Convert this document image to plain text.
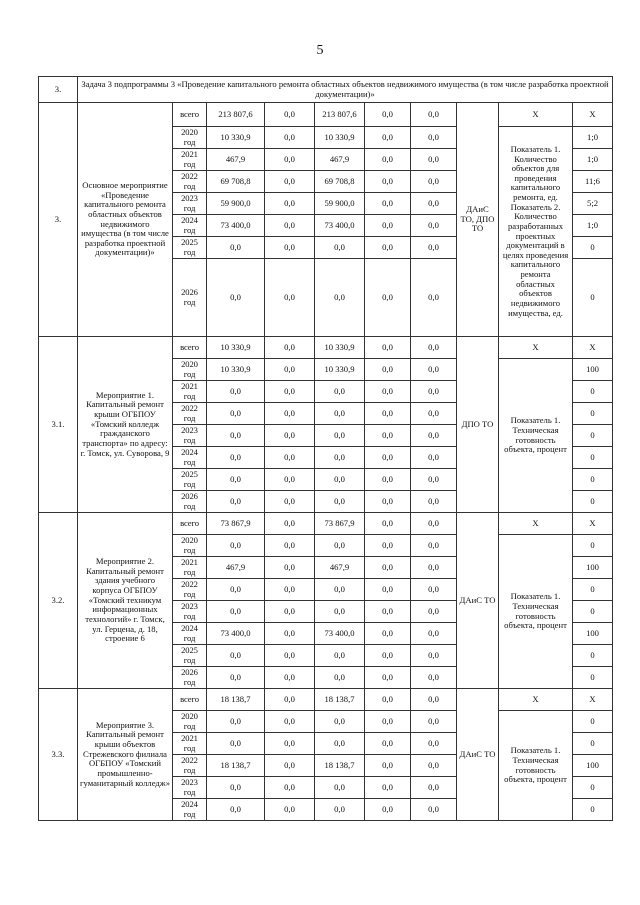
5
3.	Задача 3 подпрограммы 3 «Проведение капитального ремонта областных объектов недвижимого имущества (в том числе разработка проектной документации)»									
3.	Основное мероприятие «Проведение капитального ремонта областных объектов недвижимого имущества (в том числе разработка проектной документации)»	всего	213 807,6	0,0	213 807,6	0,0	0,0	ДАиС ТО, ДПО ТО	Х	Х
		2020 год	10 330,9	0,0	10 330,9	0,0	0,0		Показатель 1. Количество объектов для проведения капитального ремонта, ед. Показатель 2. Количество разработанных проектных документаций в целях проведения капитального ремонта областных объектов недвижимого имущества, ед.	1;0
		2021 год	467,9	0,0	467,9	0,0	0,0			1;0
		2022 год	69 708,8	0,0	69 708,8	0,0	0,0			11;6
		2023 год	59 900,0	0,0	59 900,0	0,0	0,0			5;2
		2024 год	73 400,0	0,0	73 400,0	0,0	0,0			1;0
		2025 год	0,0	0,0	0,0	0,0	0,0			0
		2026 год	0,0	0,0	0,0	0,0	0,0			0
3.1.	Мероприятие 1. Капитальный ремонт крыши ОГБПОУ «Томский колледж гражданского транспорта» по адресу: г. Томск, ул. Суворова, 9	всего	10 330,9	0,0	10 330,9	0,0	0,0	ДПО ТО	Х	Х
		2020 год	10 330,9	0,0	10 330,9	0,0	0,0		Показатель 1. Техническая готовность объекта, процент	100
		2021 год	0,0	0,0	0,0	0,0	0,0			0
		2022 год	0,0	0,0	0,0	0,0	0,0			0
		2023 год	0,0	0,0	0,0	0,0	0,0			0
		2024 год	0,0	0,0	0,0	0,0	0,0			0
		2025 год	0,0	0,0	0,0	0,0	0,0			0
		2026 год	0,0	0,0	0,0	0,0	0,0			0
3.2.	Мероприятие 2. Капитальный ремонт здания учебного корпуса ОГБПОУ «Томский техникум информационных технологий» г. Томск, ул. Герцена, д. 18, строение 6	всего	73 867,9	0,0	73 867,9	0,0	0,0	ДАиС ТО	Х	Х
		2020 год	0,0	0,0	0,0	0,0	0,0		Показатель 1. Техническая готовность объекта, процент	0
		2021 год	467,9	0,0	467,9	0,0	0,0			100
		2022 год	0,0	0,0	0,0	0,0	0,0			0
		2023 год	0,0	0,0	0,0	0,0	0,0			0
		2024 год	73 400,0	0,0	73 400,0	0,0	0,0			100
		2025 год	0,0	0,0	0,0	0,0	0,0			0
		2026 год	0,0	0,0	0,0	0,0	0,0			0
3.3.	Мероприятие 3. Капитальный ремонт крыши объектов Стрежевского филиала ОГБПОУ «Томский промышленно-гуманитарный колледж»	всего	18 138,7	0,0	18 138,7	0,0	0,0	ДАиС ТО	Х	Х
		2020 год	0,0	0,0	0,0	0,0	0,0		Показатель 1. Техническая готовность объекта, процент	0
		2021 год	0,0	0,0	0,0	0,0	0,0			0
		2022 год	18 138,7	0,0	18 138,7	0,0	0,0			100
		2023 год	0,0	0,0	0,0	0,0	0,0			0
		2024 год	0,0	0,0	0,0	0,0	0,0			0
